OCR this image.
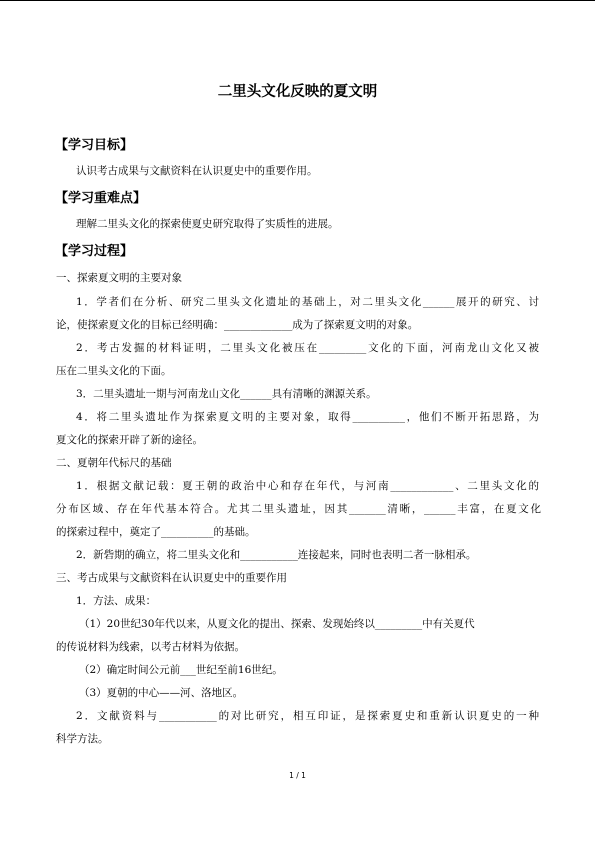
二里头文化反映的夏文明
【学习目标】
认识考古成果与文献资料在认识夏史中的重要作用。
【学习重难点】
理解二里头文化的探索使夏史研究取得了实质性的进展。
【学习过程】
一、探索夏文明的主要对象
1．学者们在分析、研究二里头文化遗址的基础上，对二里头文化______展开的研究、讨
论，使探索夏文化的目标已经明确：_____________成为了探索夏文明的对象。
2．考古发掘的材料证明，二里头文化被压在_________文化的下面，河南龙山文化又被
压在二里头文化的下面。
3．二里头遗址一期与河南龙山文化______具有清晰的渊源关系。
4．将二里头遗址作为探索夏文明的主要对象，取得__________，他们不断开拓思路，为
夏文化的探索开辟了新的途径。
二、夏朝年代标尺的基础
1．根据文献记载：夏王朝的政治中心和存在年代，与河南____________、二里头文化的
分布区域、存在年代基本符合。尤其二里头遗址，因其_______清晰，______丰富，在夏文化
的探索过程中，奠定了__________的基础。
2．新砦期的确立，将二里头文化和___________连接起来，同时也表明二者一脉相承。
三、考古成果与文献资料在认识夏史中的重要作用
1．方法、成果：
（1）20世纪30年代以来，从夏文化的提出、探索、发现始终以_________中有关夏代
的传说材料为线索，以考古材料为依据。
（2）确定时间公元前___世纪至前16世纪。
（3）夏朝的中心——河、洛地区。
2．文献资料与___________的对比研究，相互印证，是探索夏史和重新认识夏史的一种
科学方法。
1 / 1
